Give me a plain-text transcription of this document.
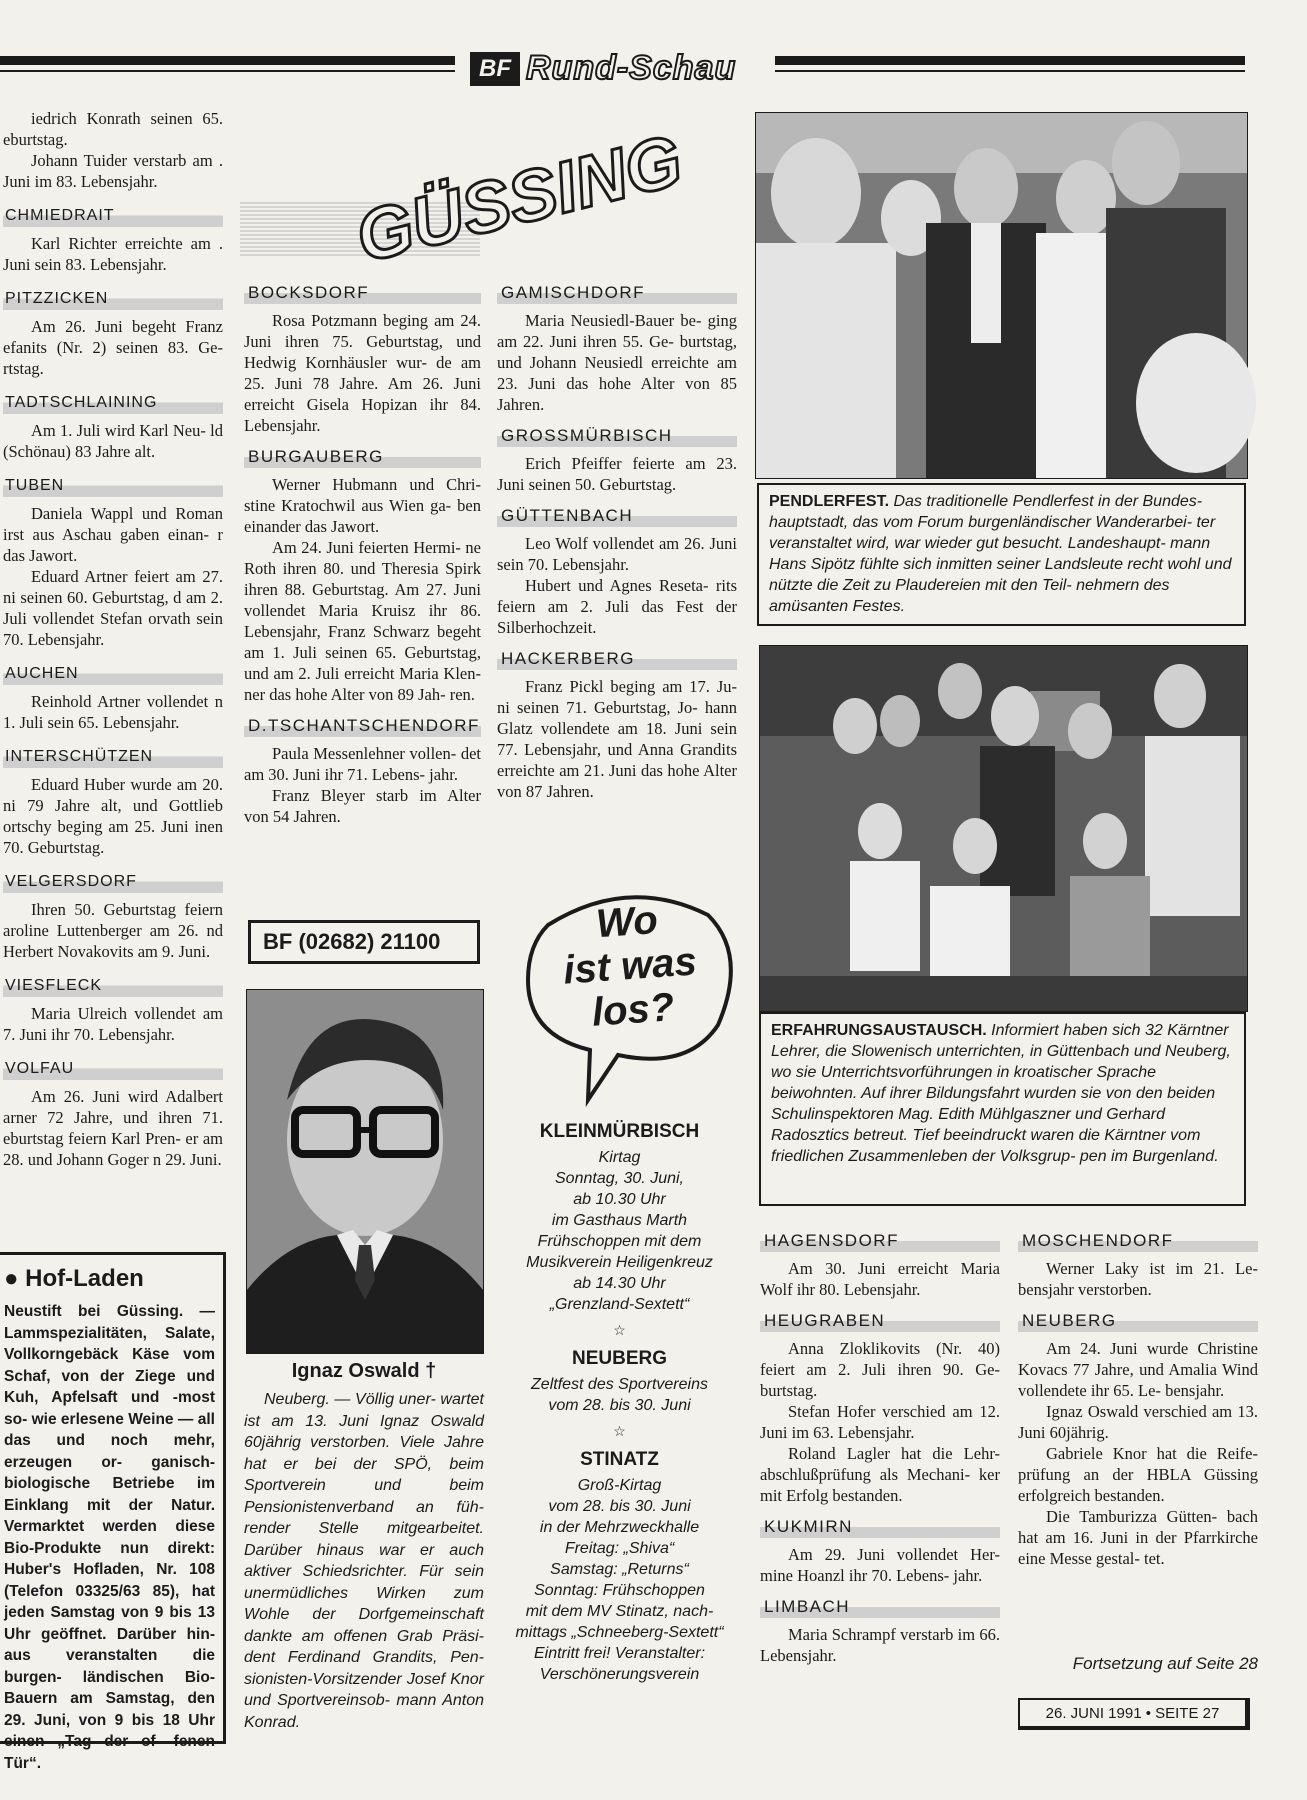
BF Rund-Schau
GÜSSING

iedrich Konrath seinen 65. eburtstag.

Johann Tuider verstarb am . Juni im 83. Lebensjahr.

CHMIEDRAIT

Karl Richter erreichte am . Juni sein 83. Lebensjahr.

PITZZICKEN

Am 26. Juni begeht Franz efanits (Nr. 2) seinen 83. Ge- rtstag.

TADTSCHLAINING

Am 1. Juli wird Karl Neu- ld (Schönau) 83 Jahre alt.

TUBEN

Daniela Wappl und Roman irst aus Aschau gaben einan- r das Jawort.

Eduard Artner feiert am 27. ni seinen 60. Geburtstag, d am 2. Juli vollendet Stefan orvath sein 70. Lebensjahr.

AUCHEN

Reinhold Artner vollendet n 1. Juli sein 65. Lebensjahr.

INTERSCHÜTZEN

Eduard Huber wurde am 20. ni 79 Jahre alt, und Gottlieb ortschy beging am 25. Juni inen 70. Geburtstag.

VELGERSDORF

Ihren 50. Geburtstag feiern aroline Luttenberger am 26. nd Herbert Novakovits am 9. Juni.

VIESFLECK

Maria Ulreich vollendet am 7. Juni ihr 70. Lebensjahr.

VOLFAU

Am 26. Juni wird Adalbert arner 72 Jahre, und ihren 71. eburtstag feiern Karl Pren- er am 28. und Johann Goger n 29. Juni.

● Hof-Laden

Neustift bei Güssing. — Lammspezialitäten, Salate, Vollkorngebäck Käse vom Schaf, von der Ziege und Kuh, Apfelsaft und -most so- wie erlesene Weine — all das und noch mehr, erzeugen or- ganisch-biologische Betriebe im Einklang mit der Natur. Vermarktet werden diese Bio-Produkte nun direkt: Huber's Hofladen, Nr. 108 (Telefon 03325/63 85), hat jeden Samstag von 9 bis 13 Uhr geöffnet. Darüber hin- aus veranstalten die burgen- ländischen Bio-Bauern am Samstag, den 29. Juni, von 9 bis 18 Uhr einen „Tag der of- fenen Tür“.

BOCKSDORF

Rosa Potzmann beging am 24. Juni ihren 75. Geburtstag, und Hedwig Kornhäusler wur- de am 25. Juni 78 Jahre. Am 26. Juni erreicht Gisela Hopizan ihr 84. Lebensjahr.

BURGAUBERG

Werner Hubmann und Chri- stine Kratochwil aus Wien ga- ben einander das Jawort.

Am 24. Juni feierten Hermi- ne Roth ihren 80. und Theresia Spirk ihren 88. Geburtstag. Am 27. Juni vollendet Maria Kruisz ihr 86. Lebensjahr, Franz Schwarz begeht am 1. Juli seinen 65. Geburtstag, und am 2. Juli erreicht Maria Klen- ner das hohe Alter von 89 Jah- ren.

D.TSCHANTSCHENDORF

Paula Messenlehner vollen- det am 30. Juni ihr 71. Lebens- jahr.

Franz Bleyer starb im Alter von 54 Jahren.

BF (02682) 21100
Ignaz Oswald †

Neuberg. — Völlig uner- wartet ist am 13. Juni Ignaz Oswald 60jährig verstorben. Viele Jahre hat er bei der SPÖ, beim Sportverein und beim Pensionistenverband an füh- render Stelle mitgearbeitet. Darüber hinaus war er auch aktiver Schiedsrichter. Für sein unermüdliches Wirken zum Wohle der Dorfgemeinschaft dankte am offenen Grab Präsi- dent Ferdinand Grandits, Pen- sionisten-Vorsitzender Josef Knor und Sportvereinsob- mann Anton Konrad.

GAMISCHDORF

Maria Neusiedl-Bauer be- ging am 22. Juni ihren 55. Ge- burtstag, und Johann Neusiedl erreichte am 23. Juni das hohe Alter von 85 Jahren.

GROSSMÜRBISCH

Erich Pfeiffer feierte am 23. Juni seinen 50. Geburtstag.

GÜTTENBACH

Leo Wolf vollendet am 26. Juni sein 70. Lebensjahr.

Hubert und Agnes Reseta- rits feiern am 2. Juli das Fest der Silberhochzeit.

HACKERBERG

Franz Pickl beging am 17. Ju- ni seinen 71. Geburtstag, Jo- hann Glatz vollendete am 18. Juni sein 77. Lebensjahr, und Anna Grandits erreichte am 21. Juni das hohe Alter von 87 Jahren.

Wo
ist was
los?
KLEINMÜRBISCH
Kirtag
Sonntag, 30. Juni,
ab 10.30 Uhr
im Gasthaus Marth
Frühschoppen mit dem
Musikverein Heiligenkreuz
ab 14.30 Uhr
„Grenzland-Sextett“
☆
NEUBERG
Zeltfest des Sportvereins
vom 28. bis 30. Juni
☆
STINATZ
Groß-Kirtag
vom 28. bis 30. Juni
in der Mehrzweckhalle
Freitag: „Shiva“
Samstag: „Returns“
Sonntag: Frühschoppen
mit dem MV Stinatz, nach-
mittags „Schneeberg-Sextett“
Eintritt frei! Veranstalter:
Verschönerungsverein
PENDLERFEST. Das traditionelle Pendlerfest in der Bundes- hauptstadt, das vom Forum burgenländischer Wanderarbei- ter veranstaltet wird, war wieder gut besucht. Landeshaupt- mann Hans Sipötz fühlte sich inmitten seiner Landsleute recht wohl und nützte die Zeit zu Plaudereien mit den Teil- nehmern des amüsanten Festes.
ERFAHRUNGSAUSTAUSCH. Informiert haben sich 32 Kärntner Lehrer, die Slowenisch unterrichten, in Güttenbach und Neuberg, wo sie Unterrichtsvorführungen in kroatischer Sprache beiwohnten. Auf ihrer Bildungsfahrt wurden sie von den beiden Schulinspektoren Mag. Edith Mühlgaszner und Gerhard Radosztics betreut. Tief beeindruckt waren die Kärntner vom friedlichen Zusammenleben der Volksgrup- pen im Burgenland.
HAGENSDORF

Am 30. Juni erreicht Maria Wolf ihr 80. Lebensjahr.

HEUGRABEN

Anna Zloklikovits (Nr. 40) feiert am 2. Juli ihren 90. Ge- burtstag.

Stefan Hofer verschied am 12. Juni im 63. Lebensjahr.

Roland Lagler hat die Lehr- abschlußprüfung als Mechani- ker mit Erfolg bestanden.

KUKMIRN

Am 29. Juni vollendet Her- mine Hoanzl ihr 70. Lebens- jahr.

LIMBACH

Maria Schrampf verstarb im 66. Lebensjahr.

MOSCHENDORF

Werner Laky ist im 21. Le- bensjahr verstorben.

NEUBERG

Am 24. Juni wurde Christine Kovacs 77 Jahre, und Amalia Wind vollendete ihr 65. Le- bensjahr.

Ignaz Oswald verschied am 13. Juni 60jährig.

Gabriele Knor hat die Reife- prüfung an der HBLA Güssing erfolgreich bestanden.

Die Tamburizza Gütten- bach hat am 16. Juni in der Pfarrkirche eine Messe gestal- tet.

Fortsetzung auf Seite 28
26. JUNI 1991 • SEITE 27
